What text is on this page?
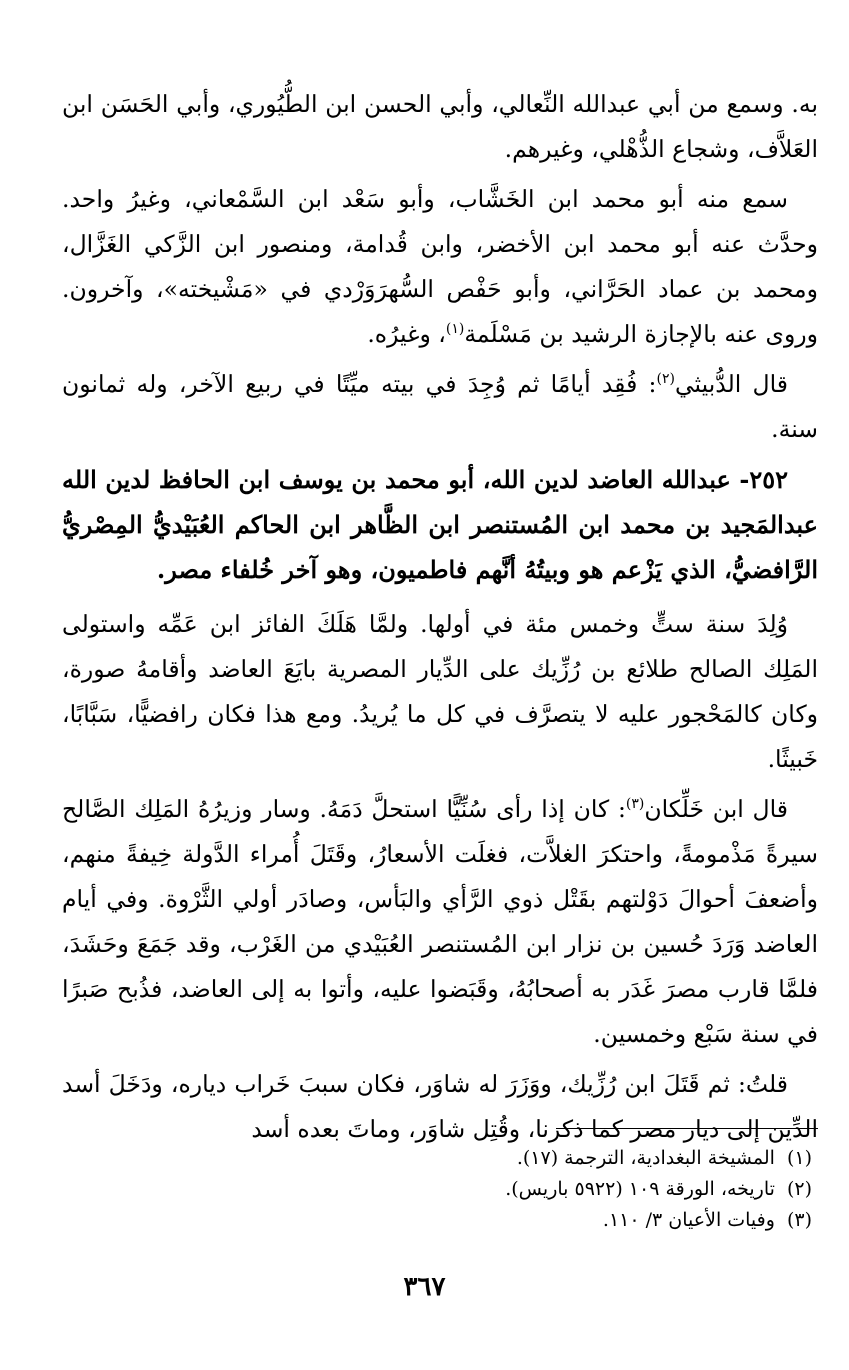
به. وسمع من أبي عبدالله النِّعالي، وأبي الحسن ابن الطُّيُوري، وأبي الحَسَن ابن العَلاَّف، وشجاع الذُّهْلي، وغيرهم.

سمع منه أبو محمد ابن الخَشَّاب، وأبو سَعْد ابن السَّمْعاني، وغيرُ واحد. وحدَّث عنه أبو محمد ابن الأخضر، وابن قُدامة، ومنصور ابن الزَّكي الغَزَّال، ومحمد بن عماد الحَرَّاني، وأبو حَفْص السُّهرَوَرْدي في «مَشْيخته»، وآخرون. وروى عنه بالإجازة الرشيد بن مَسْلَمة$^{(١)}$، وغيرُه.

قال الدُّبيثي$^{(٢)}$: فُقِد أيامًا ثم وُجِدَ في بيته ميِّتًا في ربيع الآخر، وله ثمانون سنة.

٢٥٢- عبدالله العاضد لدين الله، أبو محمد بن يوسف ابن الحافظ لدين الله عبدالمَجيد بن محمد ابن المُستنصر ابن الظَّاهر ابن الحاكم العُبَيْديُّ المِصْريُّ الرَّافضيُّ، الذي يَزْعم هو وبيتُهُ أنَّهم فاطميون، وهو آخر خُلفاء مصر.

وُلِدَ سنة ستٍّ وخمس مئة في أولها. ولمَّا هَلَكَ الفائز ابن عَمِّه واستولى المَلِك الصالح طلائع بن رُزِّيك على الدِّيار المصرية بايَعَ العاضد وأقامهُ صورة، وكان كالمَحْجور عليه لا يتصرَّف في كل ما يُريدُ. ومع هذا فكان رافضيًّا، سَبَّابًا، خَبيثًا.

قال ابن خَلِّكان$^{(٣)}$: كان إذا رأى سُنِّيًّا استحلَّ دَمَهُ. وسار وزيرُهُ المَلِك الصَّالح سيرةً مَذْمومةً، واحتكرَ الغلاَّت، فغلَت الأسعارُ، وقَتَلَ أُمراء الدَّولة خِيفةً منهم، وأضعفَ أحوالَ دَوْلتهم بقَتْل ذوي الرَّأي والبَأس، وصادَر أولي الثَّرْوة. وفي أيام العاضد وَرَدَ حُسين بن نزار ابن المُستنصر العُبَيْدي من الغَرْب، وقد جَمَعَ وحَشَدَ، فلمَّا قارب مصرَ غَدَر به أصحابُهُ، وقَبَضوا عليه، وأتوا به إلى العاضد، فذُبح صَبرًا في سنة سَبْع وخمسين.

قلتُ: ثم قَتَلَ ابن رُزِّيك، ووَزَرَ له شاوَر، فكان سببَ خَراب دياره، ودَخَلَ أسد الدِّين إلى ديار مصر كما ذكرنا، وقُتِل شاوَر، وماتَ بعده أسد

(١)المشيخة البغدادية، الترجمة (١٧).

(٢)تاريخه، الورقة ١٠٩ (٥٩٢٢ باريس).

(٣)وفيات الأعيان ٣/ ١١٠.

٣٦٧
